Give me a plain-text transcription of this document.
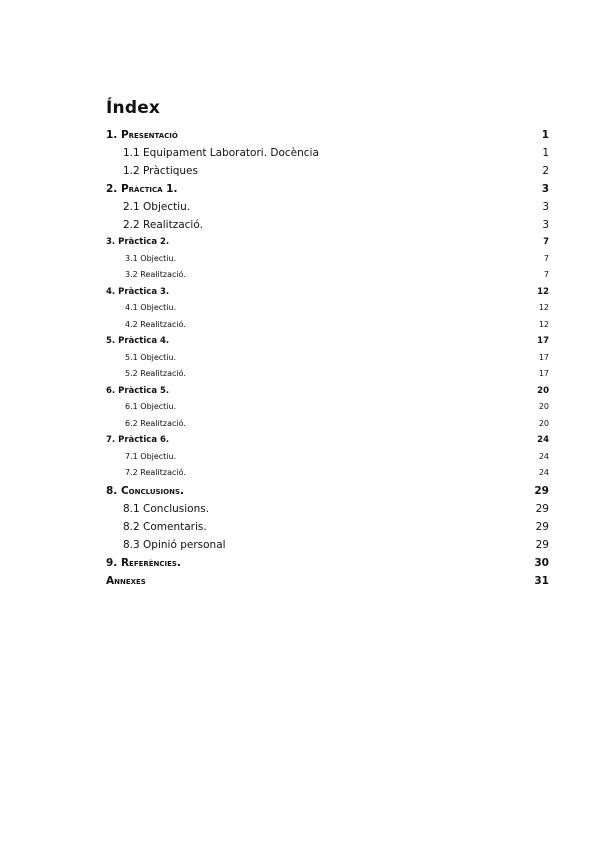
Índex
1. Presentació	1
1.1 Equipament Laboratori. Docència	1
1.2 Pràctiques	2
2. Pràctica 1.	3
2.1 Objectiu.	3
2.2 Realització.	3
3. Pràctica 2.	7
3.1 Objectiu.	7
3.2 Realització.	7
4. Pràctica 3.	12
4.1 Objectiu.	12
4.2 Realització.	12
5. Pràctica 4.	17
5.1 Objectiu.	17
5.2 Realització.	17
6. Pràctica 5.	20
6.1 Objectiu.	20
6.2 Realització.	20
7. Pràctica 6.	24
7.1 Objectiu.	24
7.2 Realització.	24
8. Conclusions.	29
8.1 Conclusions.	29
8.2 Comentaris.	29
8.3 Opinió personal	29
9. Referències.	30
Annexes	31
